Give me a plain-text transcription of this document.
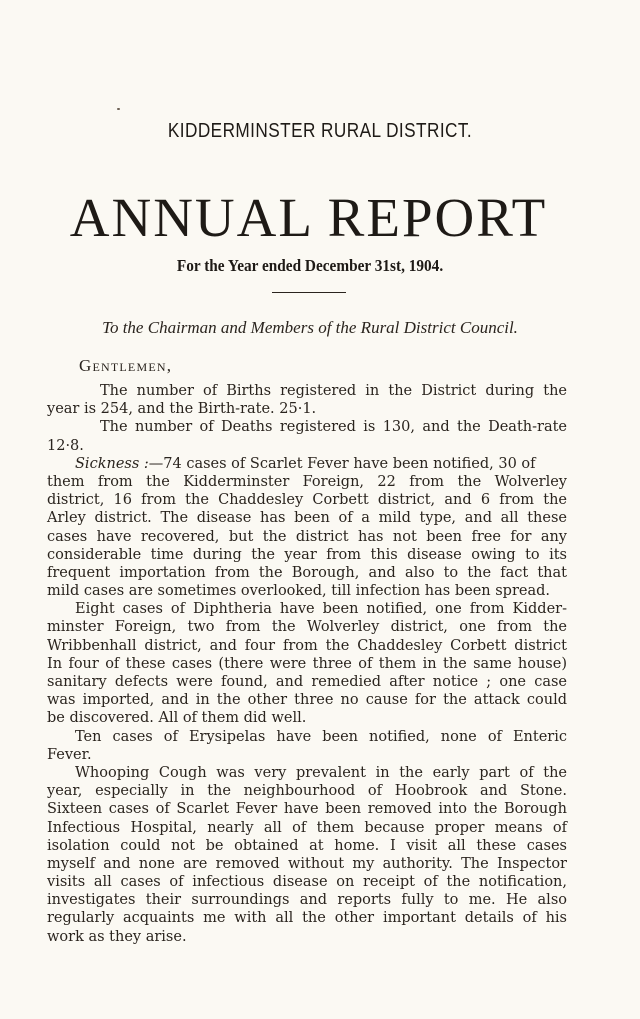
KIDDERMINSTER RURAL DISTRICT.
ANNUAL REPORT
For the Year ended December 31st, 1904.
To the Chairman and Members of the Rural District Council.
Gentlemen,
The number of Births registered in the District during the
year is 254, and the Birth-rate. 25·1.
The number of Deaths registered is 130, and the Death-rate
12·8.
Sickness :—74 cases of Scarlet Fever have been notified, 30 of
them from the Kidderminster Foreign, 22 from the Wolverley
district, 16 from the Chaddesley Corbett district, and 6 from the
Arley district. The disease has been of a mild type, and all these
cases have recovered, but the district has not been free for any
considerable time during the year from this disease owing to its
frequent importation from the Borough, and also to the fact that
mild cases are sometimes overlooked, till infection has been spread.
Eight cases of Diphtheria have been notified, one from Kidder-
minster Foreign, two from the Wolverley district, one from the
Wribbenhall district, and four from the Chaddesley Corbett district
In four of these cases (there were three of them in the same house)
sanitary defects were found, and remedied after notice ; one case
was imported, and in the other three no cause for the attack could
be discovered. All of them did well.
Ten cases of Erysipelas have been notified, none of Enteric
Fever.
Whooping Cough was very prevalent in the early part of the
year, especially in the neighbourhood of Hoobrook and Stone.
Sixteen cases of Scarlet Fever have been removed into the Borough
Infectious Hospital, nearly all of them because proper means of
isolation could not be obtained at home. I visit all these cases
myself and none are removed without my authority. The Inspector
visits all cases of infectious disease on receipt of the notification,
investigates their surroundings and reports fully to me. He also
regularly acquaints me with all the other important details of his
work as they arise.
